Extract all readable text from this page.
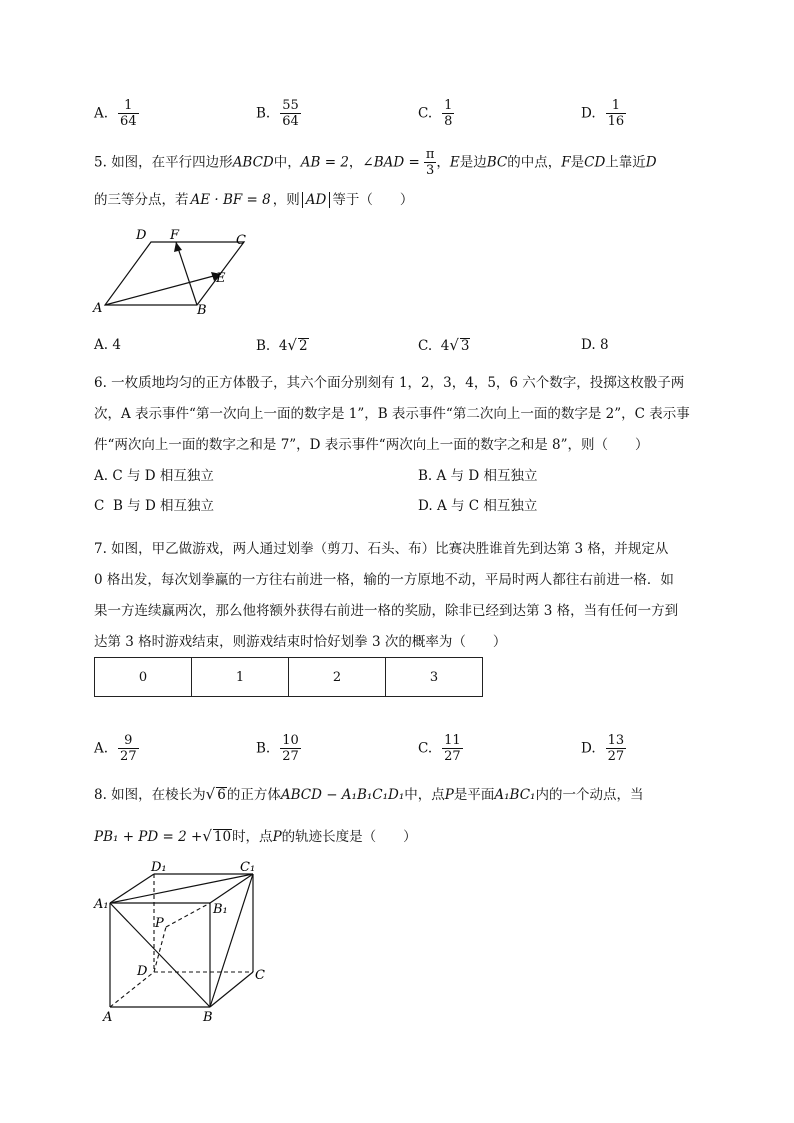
A. $\frac{1}{64}$	B. $\frac{55}{64}$	C. $\frac{1}{8}$	D. $\frac{1}{16}$
5. 如图，在平行四边形ABCD中，AB = 2，∠BAD = $\frac{\pi}{3}$ ，E是边BC的中点，F是CD上靠近D
的三等分点，若 AE · BF = 8 ，则 AD 等于（　　）
A	B
C
D
E
F
A. 4	B. 4√ 2	C. 4√ 3	D. 8
6. 一枚质地均匀的正方体骰子，其六个面分别刻有 1，2，3，4，5，6 六个数字，投掷这枚骰子两
次，A 表示事件“第一次向上一面的数字是 1”，B 表示事件“第二次向上一面的数字是 2”，C 表示事
件“两次向上一面的数字之和是 7”，D 表示事件“两次向上一面的数字之和是 8”，则（　　）
A. C 与 D 相互独立	B. A 与 D 相互独立
C B 与 D 相互独立	D. A 与 C 相互独立
7. 如图，甲乙做游戏，两人通过划拳（剪刀、石头、布）比赛决胜谁首先到达第 3 格，并规定从
0 格出发，每次划拳赢的一方往右前进一格，输的一方原地不动，平局时两人都往右前进一格．如
果一方连续赢两次，那么他将额外获得右前进一格的奖励，除非已经到达第 3 格，当有任何一方到
达第 3 格时游戏结束，则游戏结束时恰好划拳 3 次的概率为（　　）
0	1	2	3
A. $\frac{9}{27}$	B. $\frac{10}{27}$	C. $\frac{11}{27}$	D. $\frac{13}{27}$
8. 如图，在棱长为√ 6的正方体ABCD − A₁B₁C₁D₁中，点P是平面A₁BC₁内的一个动点，当
PB₁ + PD = 2 +√ 10时，点P的轨迹长度是（　　）
A	B
C
D
A₁	B₁
C₁
D₁
P
